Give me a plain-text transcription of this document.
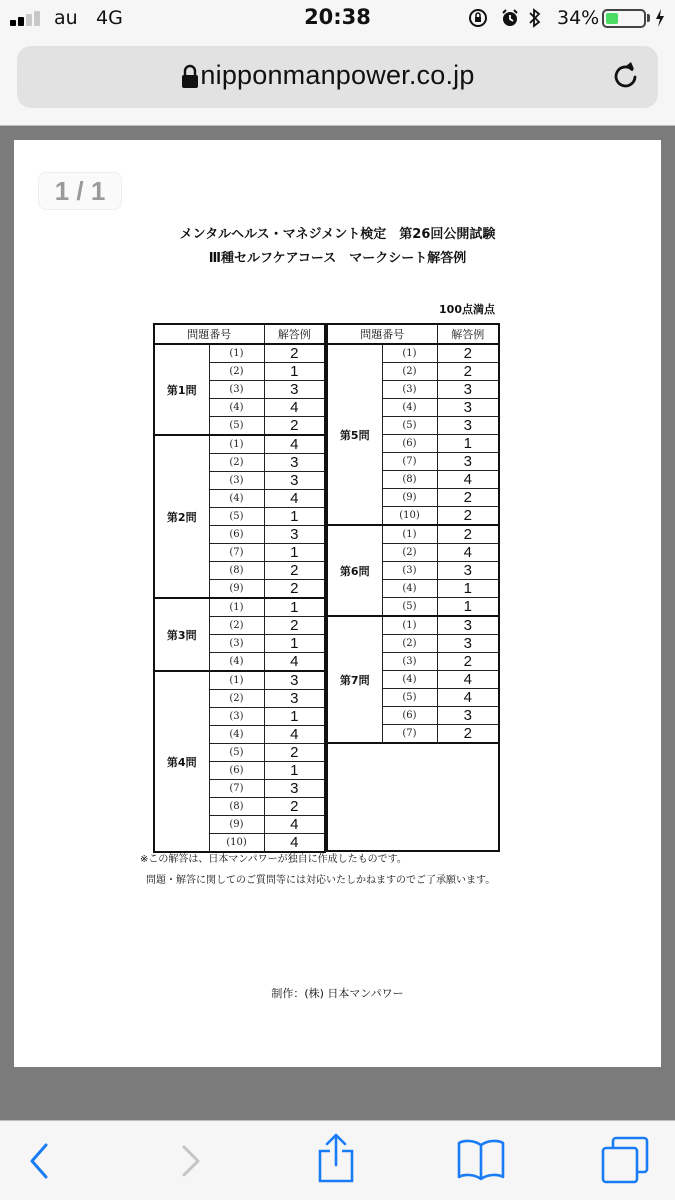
au 4G	20:38	34%
nipponmanpower.co.jp
メンタルヘルス・マネジメント検定　第26回公開試験
Ⅲ種セルフケアコース　マークシート解答例
100点満点
問題番号		解答例
第1問	(1)	2
	(2)	1
	(3)	3
	(4)	4
	(5)	2
第2問	(1)	4
	(2)	3
	(3)	3
	(4)	4
	(5)	1
	(6)	3
	(7)	1
	(8)	2
	(9)	2
第3問	(1)	1
	(2)	2
	(3)	1
	(4)	4
第4問	(1)	3
	(2)	3
	(3)	1
	(4)	4
	(5)	2
	(6)	1
	(7)	3
	(8)	2
	(9)	4
	(10)	4
問題番号		解答例
第5問	(1)	2
	(2)	2
	(3)	3
	(4)	3
	(5)	3
	(6)	1
	(7)	3
	(8)	4
	(9)	2
	(10)	2
第6問	(1)	2
	(2)	4
	(3)	3
	(4)	1
	(5)	1
第7問	(1)	3
	(2)	3
	(3)	2
	(4)	4
	(5)	4
	(6)	3
	(7)	2

※この解答は、日本マンパワーが独自に作成したものです。
問題・解答に関してのご質問等には対応いたしかねますのでご了承願います。
制作：(株) 日本マンパワー
1 / 1
